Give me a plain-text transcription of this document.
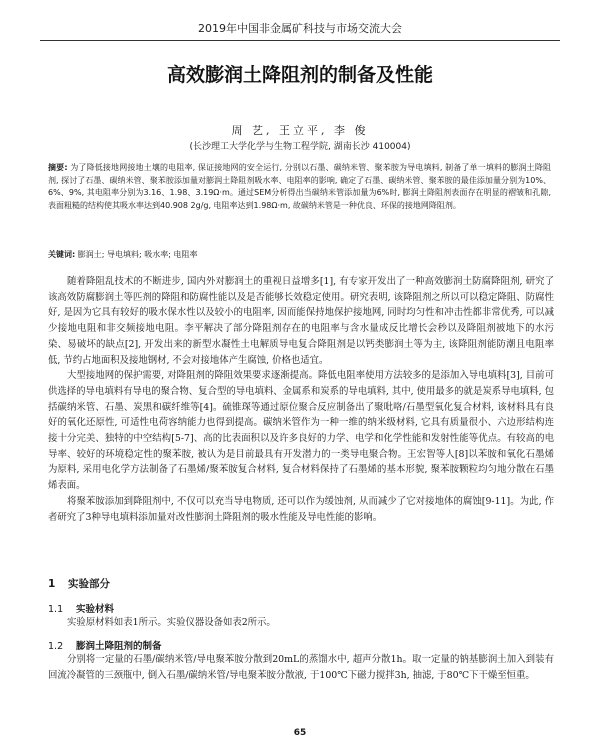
2019年中国非金属矿科技与市场交流大会
高效膨润土降阻剂的制备及性能
周 艺, 王立平, 李 俊
(长沙理工大学化学与生物工程学院, 湖南长沙 410004)
摘要: 为了降低接地网接地土壤的电阻率, 保证接地网的安全运行, 分别以石墨、碳纳米管、聚苯胺为导电填料, 制备了单一填料的膨润土降阻剂, 探讨了石墨、碳纳米管、聚苯胺添加量对膨润土降阻剂吸水率、电阻率的影响, 确定了石墨、碳纳米管、聚苯胺的最佳添加量分别为10%、6%、9%, 其电阻率分别为3.16、1.98、3.19Ω·m。通过SEM分析得出当碳纳米管添加量为6%时, 膨润土降阻剂表面存在明显的褶皱和孔隙, 表面粗糙的结构使其吸水率达到40.908 2g/g, 电阻率达到1.98Ω·m, 故碳纳米管是一种优良、环保的接地网降阻剂。
关键词: 膨润土; 导电填料; 吸水率; 电阻率

随着降阻乱技术的不断进步, 国内外对膨润土的重视日益增多[1], 有专家开发出了一种高效膨润土防腐降阻剂, 研究了该高效防腐膨润土等匹剂的降阻和防腐性能以及是否能够长效稳定使用。研究表明, 该降阻剂之所以可以稳定降阻、防腐性好, 是因为它具有较好的吸水保水性以及较小的电阻率, 因而能保持地保护接地网, 同时均匀性和冲击性都非常优秀, 可以减少接地电阻和非交频接地电阻。李平解决了部分降阻剂存在的电阻率与含水量成反比增长会秒以及降阻剂被地下的水污染、易破坏的缺点[2], 开发出来的新型水凝性土电解质导电复合降阻剂是以钙类膨润土等为主, 该降阻剂能防潮且电阻率低, 节约占地面积及接地钢材, 不会对接地体产生腐蚀, 价格也适宜。

大型接地网的保护需要, 对降阻剂的降阻效果要求逐渐提高。降低电阻率使用方法较多的是添加入导电填料[3], 目前可供选择的导电填料有导电的聚合物、复合型的导电填料、金属系和炭系的导电填料, 其中, 使用最多的就是炭系导电填料, 包括碳纳米管、石墨、炭黑和碳纤维等[4]。硫锥琛等通过原位聚合反应制备出了聚吡咯/石墨型氧化复合材料, 该材料具有良好的氧化还原性, 可适性电荷容纳能力也得到提高。碳纳米管作为一种一维的纳米级材料, 它具有质量很小、六边形结构连接十分完美、独特的中空结构[5-7]、高的比表面积以及许多良好的力学、电学和化学性能和发射性能等优点。有较高的电导率、较好的环境稳定性的聚苯胺, 被认为是目前最具有开发潜力的一类导电聚合物。王宏智等人[8]以苯胺和氧化石墨烯为原料, 采用电化学方法制备了石墨烯/聚苯胺复合材料, 复合材料保持了石墨烯的基本形貌, 聚苯胺颗粒均匀地分散在石墨烯表面。

将聚苯胺添加到降阻剂中, 不仅可以充当导电物质, 还可以作为缓蚀剂, 从而减少了它对接地体的腐蚀[9-11]。为此, 作者研究了3种导电填料添加量对改性膨润土降阻剂的吸水性能及导电性能的影响。

1 实验部分
1.1 实验材料

实验原材料如表1所示。实验仪器设备如表2所示。

1.2 膨润土降阻剂的制备

分别将一定量的石墨/碳纳米管/导电聚苯胺分散到20mL的蒸馏水中, 超声分散1h。取一定量的钠基膨润土加入到装有回流冷凝管的三颈瓶中, 倒入石墨/碳纳米管/导电聚苯胺分散液, 于100℃下磁力搅拌3h, 抽滤, 于80℃下干燥至恒重。

65
